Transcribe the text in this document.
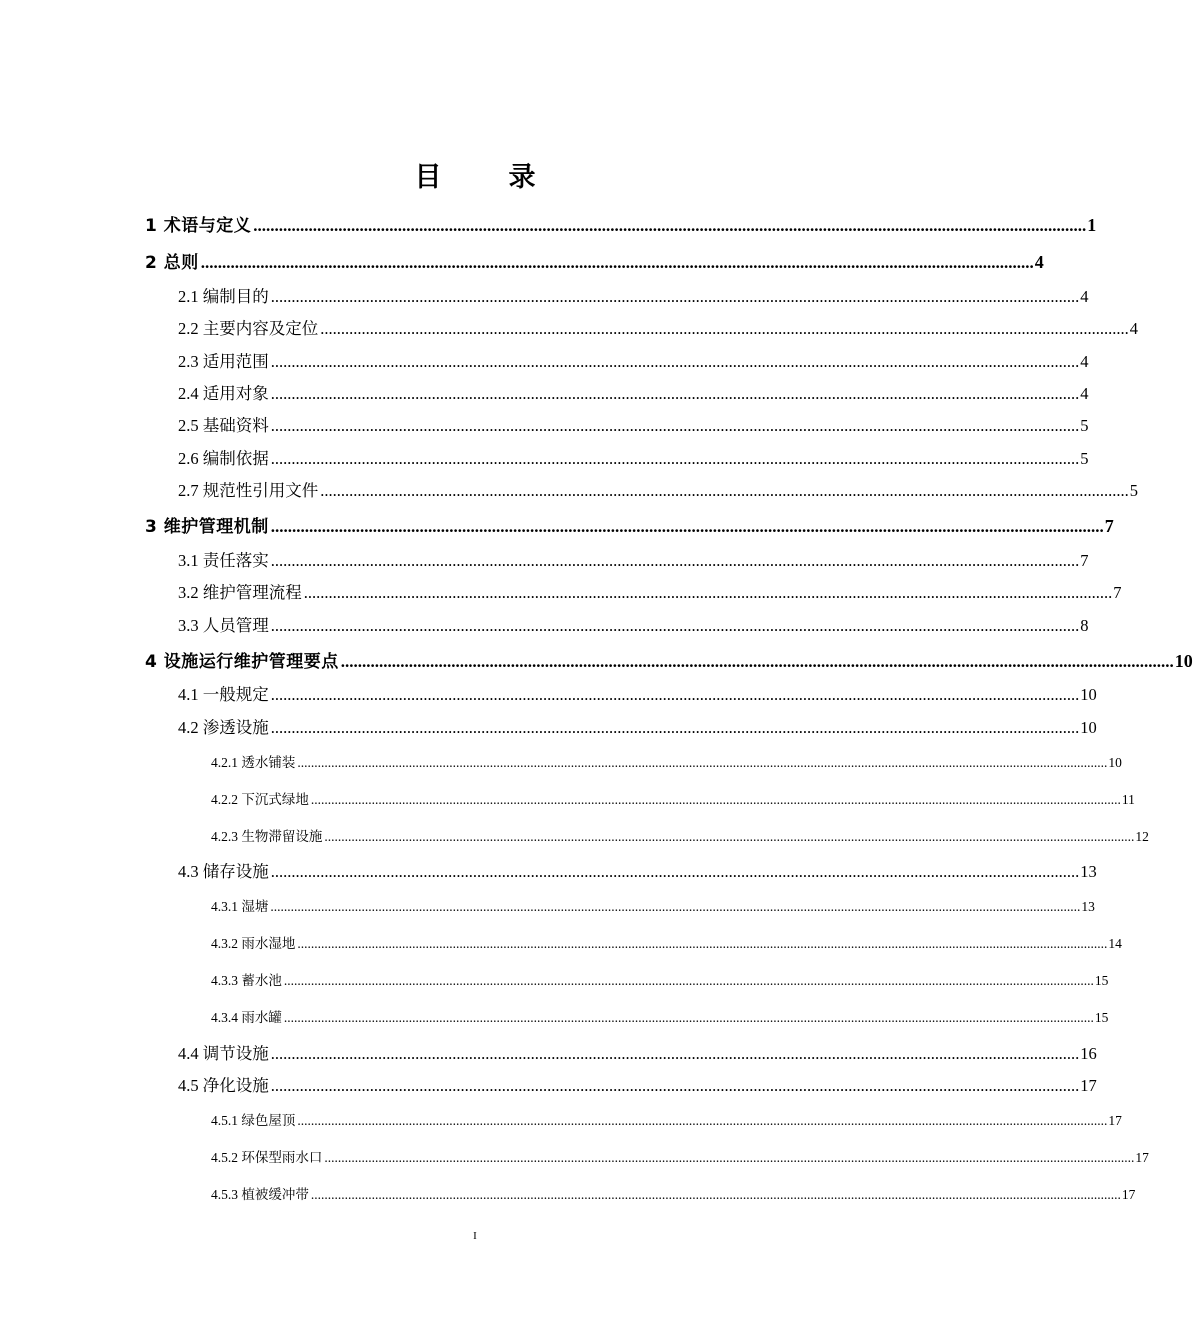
目　录
1 术语与定义 .................................................................................................................................................................................................... 1
2 总则 .................................................................................................................................................................................................... 4
2.1 编制目的 .................................................................................................................................................................................................... 4
2.2 主要内容及定位 .................................................................................................................................................................................................... 4
2.3 适用范围 .................................................................................................................................................................................................... 4
2.4 适用对象 .................................................................................................................................................................................................... 4
2.5 基础资料 .................................................................................................................................................................................................... 5
2.6 编制依据 .................................................................................................................................................................................................... 5
2.7 规范性引用文件 .................................................................................................................................................................................................... 5
3 维护管理机制 .................................................................................................................................................................................................... 7
3.1 责任落实 .................................................................................................................................................................................................... 7
3.2 维护管理流程 .................................................................................................................................................................................................... 7
3.3 人员管理 .................................................................................................................................................................................................... 8
4 设施运行维护管理要点 .................................................................................................................................................................................................... 10
4.1 一般规定 .................................................................................................................................................................................................... 10
4.2 渗透设施 .................................................................................................................................................................................................... 10
4.2.1 透水铺装 ................................................................................................................................................................................................................................................ 10
4.2.2 下沉式绿地 ................................................................................................................................................................................................................................................ 11
4.2.3 生物滞留设施 ................................................................................................................................................................................................................................................ 12
4.3 储存设施 .................................................................................................................................................................................................... 13
4.3.1 湿塘 ................................................................................................................................................................................................................................................ 13
4.3.2 雨水湿地 ................................................................................................................................................................................................................................................ 14
4.3.3 蓄水池 ................................................................................................................................................................................................................................................ 15
4.3.4 雨水罐 ................................................................................................................................................................................................................................................ 15
4.4 调节设施 .................................................................................................................................................................................................... 16
4.5 净化设施 .................................................................................................................................................................................................... 17
4.5.1 绿色屋顶 ................................................................................................................................................................................................................................................ 17
4.5.2 环保型雨水口 ................................................................................................................................................................................................................................................ 17
4.5.3 植被缓冲带 ................................................................................................................................................................................................................................................ 17
I
